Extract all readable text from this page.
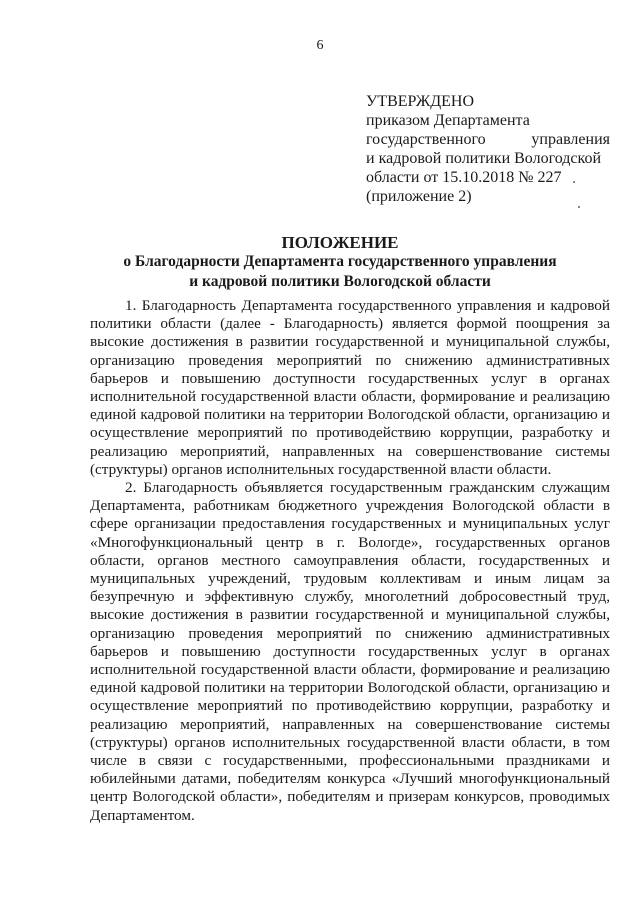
6
УТВЕРЖДЕНО
приказом Департамента
государственного управления
и кадровой политики Вологодской
области от 15.10.2018 № 227
(приложение 2)
ПОЛОЖЕНИЕ
о Благодарности Департамента государственного управления
и кадровой политики Вологодской области

1. Благодарность Департамента государственного управления и кадровой политики области (далее - Благодарность) является формой поощрения за высокие достижения в развитии государственной и муниципальной службы, организацию проведения мероприятий по снижению административных барьеров и повышению доступности государственных услуг в органах исполнительной государственной власти области, формирование и реализацию единой кадровой политики на территории Вологодской области, организацию и осуществление мероприятий по противодействию коррупции, разработку и реализацию мероприятий, направленных на совершенствование системы (структуры) органов исполнительных государственной власти области.

2. Благодарность объявляется государственным гражданским служащим Департамента, работникам бюджетного учреждения Вологодской области в сфере организации предоставления государственных и муниципальных услуг «Многофункциональный центр в г. Вологде», государственных органов области, органов местного самоуправления области, государственных и муниципальных учреждений, трудовым коллективам и иным лицам за безупречную и эффективную службу, многолетний добросовестный труд, высокие достижения в развитии государственной и муниципальной службы, организацию проведения мероприятий по снижению административных барьеров и повышению доступности государственных услуг в органах исполнительной государственной власти области, формирование и реализацию единой кадровой политики на территории Вологодской области, организацию и осуществление мероприятий по противодействию коррупции, разработку и реализацию мероприятий, направленных на совершенствование системы (структуры) органов исполнительных государственной власти области, в том числе в связи с государственными, профессиональными праздниками и юбилейными датами, победителям конкурса «Лучший многофункциональный центр Вологодской области», победителям и призерам конкурсов, проводимых Департаментом.
